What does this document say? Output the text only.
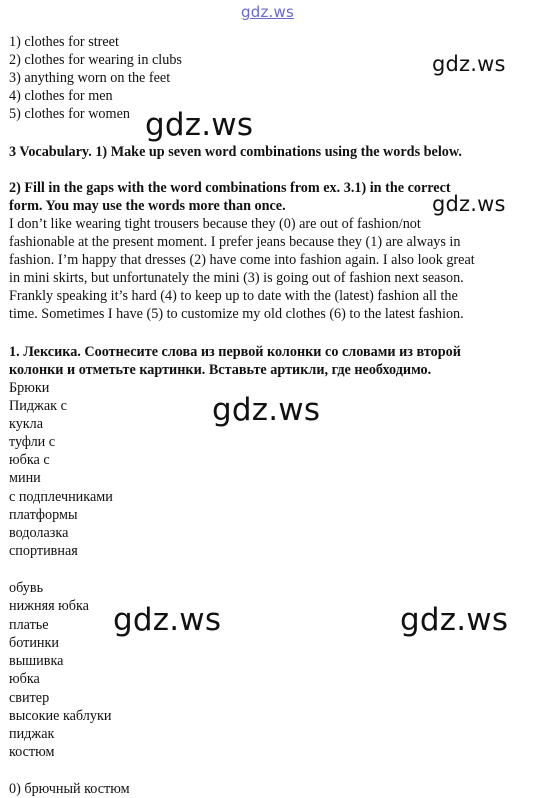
gdz.ws
gdz.ws
gdz.ws
gdz.ws
gdz.ws
gdz.ws	gdz.ws
1) clothes for street
2) clothes for wearing in clubs
3) anything worn on the feet
4) clothes for men
5) clothes for women
3 Vocabulary. 1) Make up seven word combinations using the words below.
2) Fill in the gaps with the word combinations from ex. 3.1) in the correct
form. You may use the words more than once.
I don’t like wearing tight trousers because they (0) are out of fashion/not
fashionable at the present moment. I prefer jeans because they (1) are always in
fashion. I’m happy that dresses (2) have come into fashion again. I also look great
in mini skirts, but unfortunately the mini (3) is going out of fashion next season.
Frankly speaking it’s hard (4) to keep up to date with the (latest) fashion all the
time. Sometimes I have (5) to customize my old clothes (6) to the latest fashion.
1. Лексика. Соотнесите слова из первой колонки со словами из второй
колонки и отметьте картинки. Вставьте артикли, где необходимо.
Брюки
Пиджак с
кукла
туфли с
юбка с
мини
с подплечниками
платформы
водолазка
спортивная
обувь
нижняя юбка
платье
ботинки
вышивка
юбка
свитер
высокие каблуки
пиджак
костюм
0) брючный костюм
